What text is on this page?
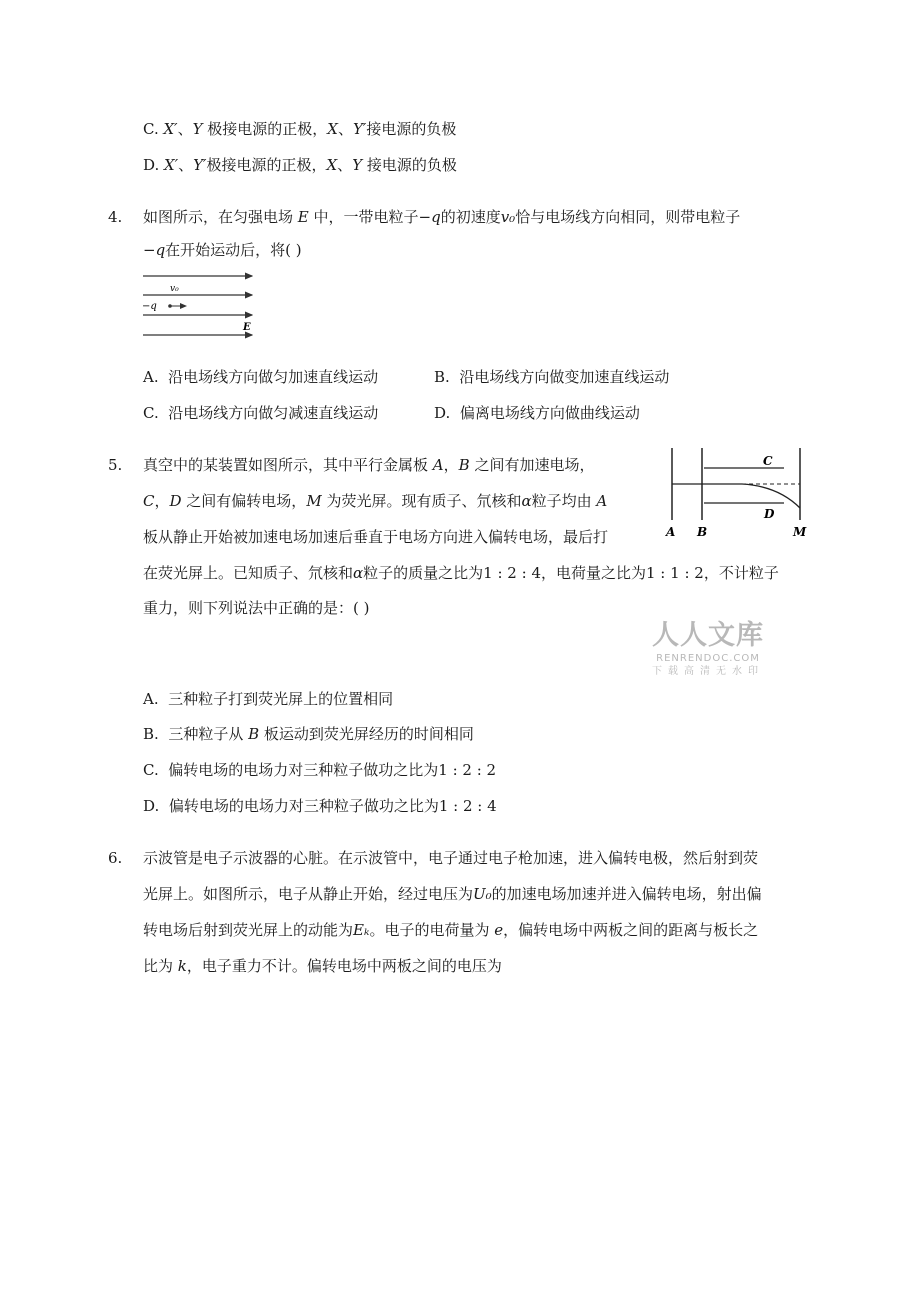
C. X′、Y 极接电源的正极，X、Y′接电源的负极
D. X′、Y′极接电源的正极，X、Y 接电源的负极
4. 如图所示，在匀强电场 E 中，一带电粒子−q的初速度v₀恰与电场线方向相同，则带电粒子
−q在开始运动后，将( )
v₀
−q
E
A. 沿电场线方向做匀加速直线运动	B. 沿电场线方向做变加速直线运动
C. 沿电场线方向做匀减速直线运动	D. 偏离电场线方向做曲线运动
5. 真空中的某装置如图所示，其中平行金属板 A，B 之间有加速电场，
C，D 之间有偏转电场，M 为荧光屏。现有质子、氘核和α粒子均由 A
板从静止开始被加速电场加速后垂直于电场方向进入偏转电场，最后打
在荧光屏上。已知质子、氘核和α粒子的质量之比为1 : 2 : 4，电荷量之比为1 : 1 : 2，不计粒子
重力，则下列说法中正确的是：( )
C
D
A B	M
人人文库
RENRENDOC.COM
下载高清无水印
A. 三种粒子打到荧光屏上的位置相同
B. 三种粒子从 B 板运动到荧光屏经历的时间相同
C. 偏转电场的电场力对三种粒子做功之比为1 : 2 : 2
D. 偏转电场的电场力对三种粒子做功之比为1 : 2 : 4
6. 示波管是电子示波器的心脏。在示波管中，电子通过电子枪加速，进入偏转电极，然后射到荧
光屏上。如图所示，电子从静止开始，经过电压为U₀的加速电场加速并进入偏转电场，射出偏
转电场后射到荧光屏上的动能为Eₖ。电子的电荷量为 e，偏转电场中两板之间的距离与板长之
比为 k，电子重力不计。偏转电场中两板之间的电压为
